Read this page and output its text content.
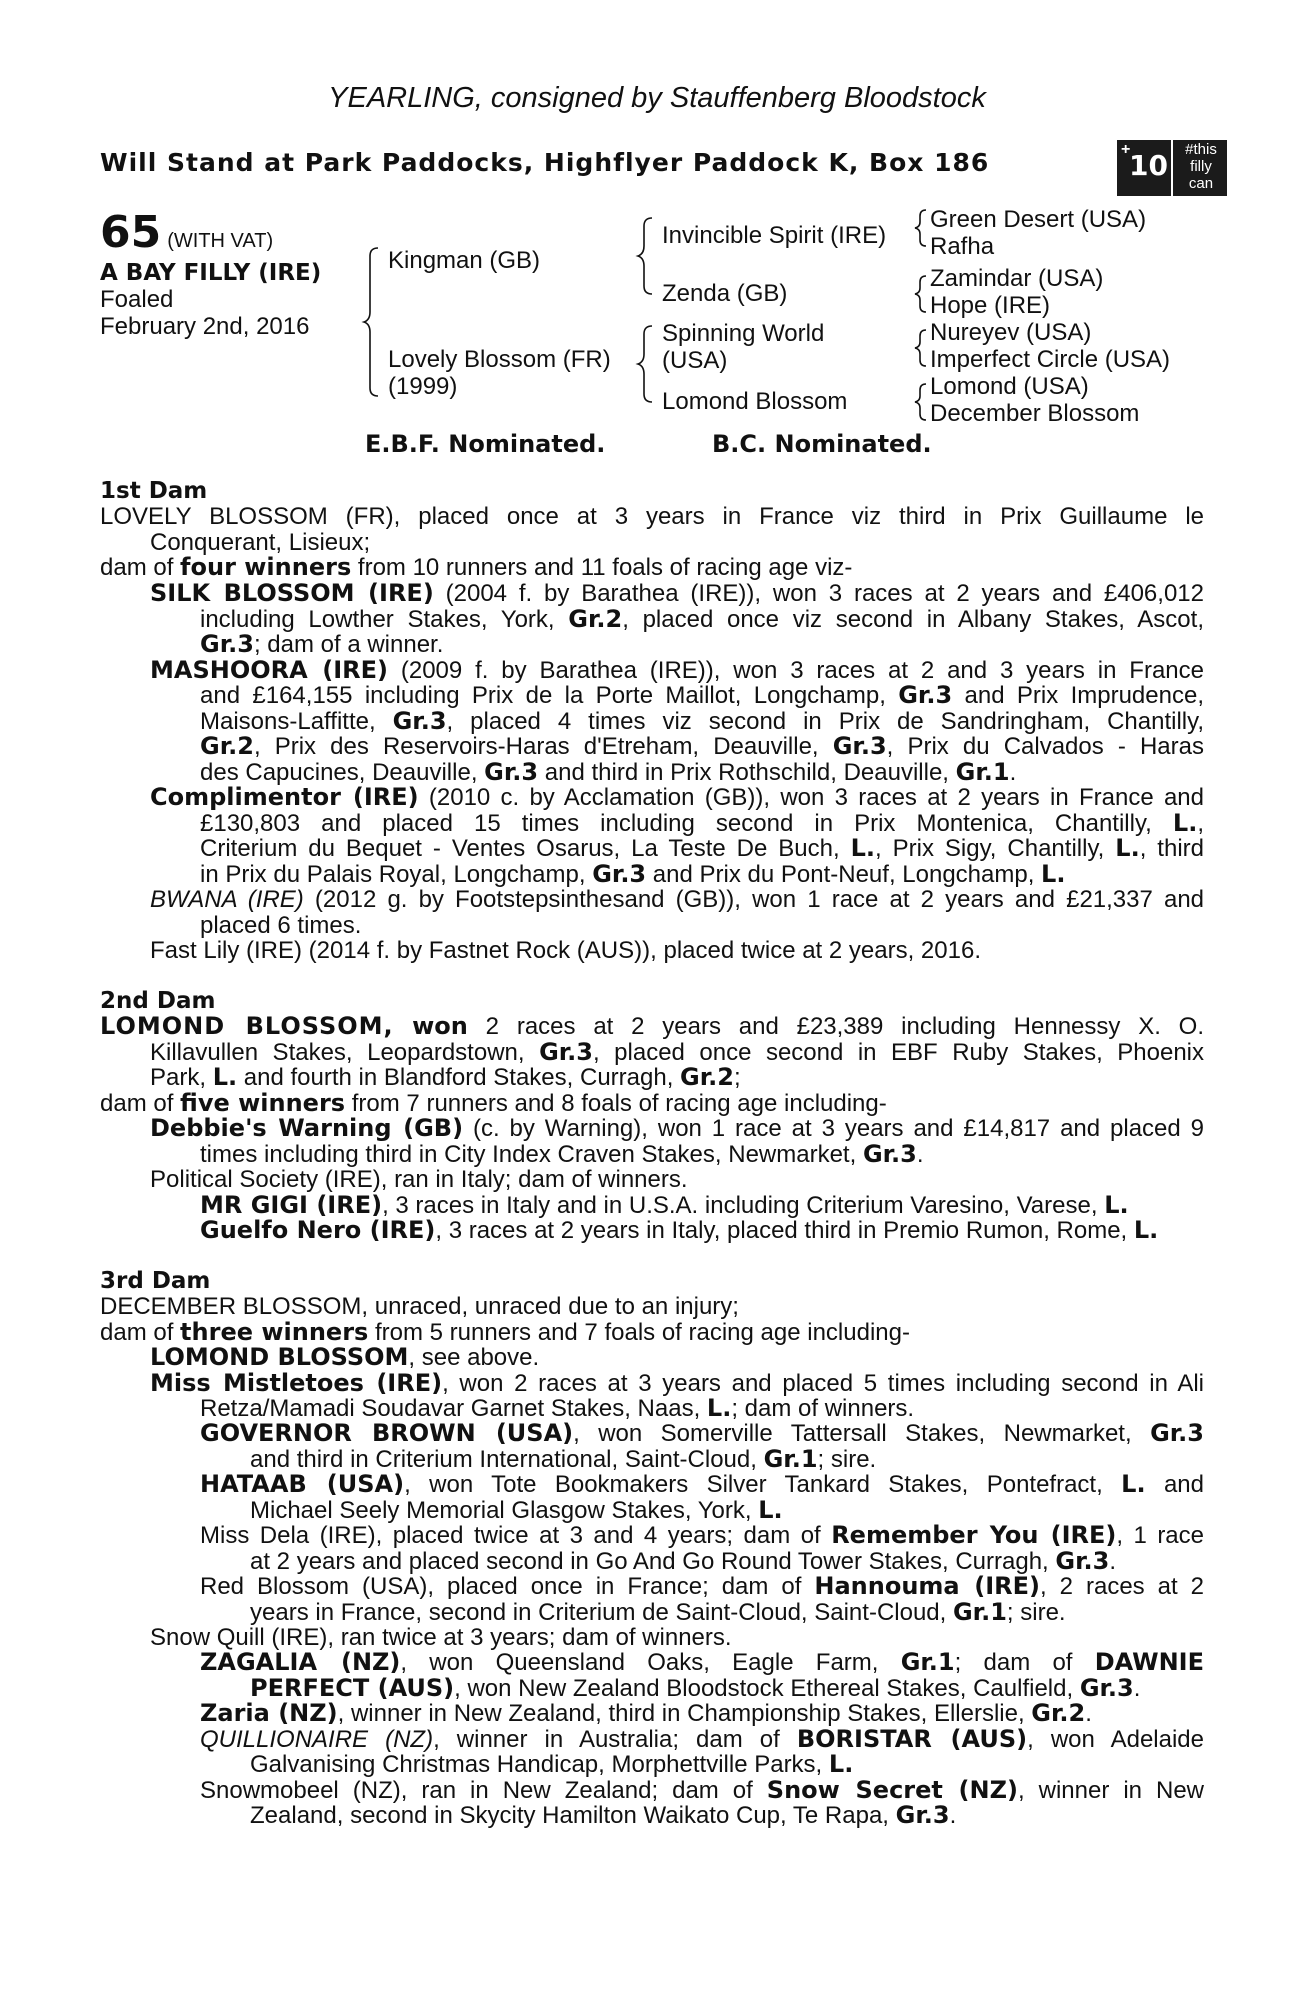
YEARLING, consigned by Stauffenberg Bloodstock
Will Stand at Park Paddocks, Highflyer Paddock K, Box 186	+
10	#this
filly
can
65 (WITH VAT)
A BAY FILLY (IRE)
Foaled
February 2nd, 2016
Kingman (GB)
Lovely Blossom (FR)
(1999)
Invincible Spirit (IRE)
Zenda (GB)
Spinning World
(USA)
Lomond Blossom
Green Desert (USA)
Rafha
Zamindar (USA)
Hope (IRE)
Nureyev (USA)
Imperfect Circle (USA)
Lomond (USA)
December Blossom
E.B.F. Nominated.	B.C. Nominated.
1st Dam
LOVELY BLOSSOM (FR), placed once at 3 years in France viz third in Prix Guillaume le
Conquerant, Lisieux;
dam of four winners from 10 runners and 11 foals of racing age viz-
SILK BLOSSOM (IRE) (2004 f. by Barathea (IRE)), won 3 races at 2 years and £406,012
including Lowther Stakes, York, Gr.2, placed once viz second in Albany Stakes, Ascot,
Gr.3; dam of a winner.
MASHOORA (IRE) (2009 f. by Barathea (IRE)), won 3 races at 2 and 3 years in France
and £164,155 including Prix de la Porte Maillot, Longchamp, Gr.3 and Prix Imprudence,
Maisons-Laffitte, Gr.3, placed 4 times viz second in Prix de Sandringham, Chantilly,
Gr.2, Prix des Reservoirs-Haras d'Etreham, Deauville, Gr.3, Prix du Calvados - Haras
des Capucines, Deauville, Gr.3 and third in Prix Rothschild, Deauville, Gr.1.
Complimentor (IRE) (2010 c. by Acclamation (GB)), won 3 races at 2 years in France and
£130,803 and placed 15 times including second in Prix Montenica, Chantilly, L.,
Criterium du Bequet - Ventes Osarus, La Teste De Buch, L., Prix Sigy, Chantilly, L., third
in Prix du Palais Royal, Longchamp, Gr.3 and Prix du Pont-Neuf, Longchamp, L.
BWANA (IRE) (2012 g. by Footstepsinthesand (GB)), won 1 race at 2 years and £21,337 and
placed 6 times.
Fast Lily (IRE) (2014 f. by Fastnet Rock (AUS)), placed twice at 2 years, 2016.
2nd Dam
LOMOND BLOSSOM, won 2 races at 2 years and £23,389 including Hennessy X. O.
Killavullen Stakes, Leopardstown, Gr.3, placed once second in EBF Ruby Stakes, Phoenix
Park, L. and fourth in Blandford Stakes, Curragh, Gr.2;
dam of five winners from 7 runners and 8 foals of racing age including-
Debbie's Warning (GB) (c. by Warning), won 1 race at 3 years and £14,817 and placed 9
times including third in City Index Craven Stakes, Newmarket, Gr.3.
Political Society (IRE), ran in Italy; dam of winners.
MR GIGI (IRE), 3 races in Italy and in U.S.A. including Criterium Varesino, Varese, L.
Guelfo Nero (IRE), 3 races at 2 years in Italy, placed third in Premio Rumon, Rome, L.
3rd Dam
DECEMBER BLOSSOM, unraced, unraced due to an injury;
dam of three winners from 5 runners and 7 foals of racing age including-
LOMOND BLOSSOM, see above.
Miss Mistletoes (IRE), won 2 races at 3 years and placed 5 times including second in Ali
Retza/Mamadi Soudavar Garnet Stakes, Naas, L.; dam of winners.
GOVERNOR BROWN (USA), won Somerville Tattersall Stakes, Newmarket, Gr.3
and third in Criterium International, Saint-Cloud, Gr.1; sire.
HATAAB (USA), won Tote Bookmakers Silver Tankard Stakes, Pontefract, L. and
Michael Seely Memorial Glasgow Stakes, York, L.
Miss Dela (IRE), placed twice at 3 and 4 years; dam of Remember You (IRE), 1 race
at 2 years and placed second in Go And Go Round Tower Stakes, Curragh, Gr.3.
Red Blossom (USA), placed once in France; dam of Hannouma (IRE), 2 races at 2
years in France, second in Criterium de Saint-Cloud, Saint-Cloud, Gr.1; sire.
Snow Quill (IRE), ran twice at 3 years; dam of winners.
ZAGALIA (NZ), won Queensland Oaks, Eagle Farm, Gr.1; dam of DAWNIE
PERFECT (AUS), won New Zealand Bloodstock Ethereal Stakes, Caulfield, Gr.3.
Zaria (NZ), winner in New Zealand, third in Championship Stakes, Ellerslie, Gr.2.
QUILLIONAIRE (NZ), winner in Australia; dam of BORISTAR (AUS), won Adelaide
Galvanising Christmas Handicap, Morphettville Parks, L.
Snowmobeel (NZ), ran in New Zealand; dam of Snow Secret (NZ), winner in New
Zealand, second in Skycity Hamilton Waikato Cup, Te Rapa, Gr.3.
